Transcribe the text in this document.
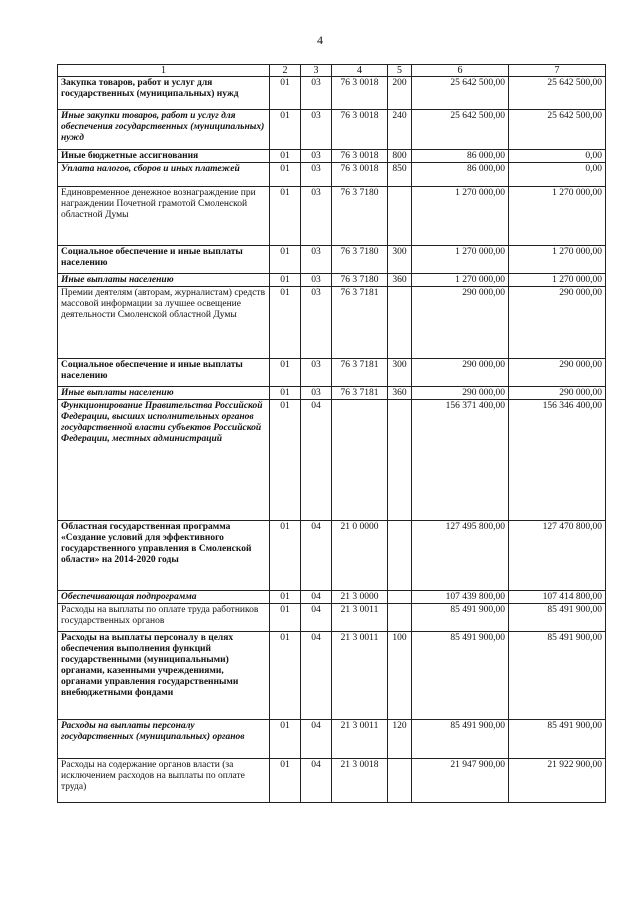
4
1	2	3	4	5	6	7
Закупка товаров, работ и услуг для государственных (муниципальных) нужд	01	03	76 3 0018	200	25 642 500,00	25 642 500,00
Иные закупки товаров, работ и услуг для обеспечения государственных (муниципальных) нужд	01	03	76 3 0018	240	25 642 500,00	25 642 500,00
Иные бюджетные ассигнования	01	03	76 3 0018	800	86 000,00	0,00
Уплата налогов, сборов и иных платежей	01	03	76 3 0018	850	86 000,00	0,00
Единовременное денежное вознаграждение при награждении Почетной грамотой Смоленской областной Думы	01	03	76 3 7180		1 270 000,00	1 270 000,00
Социальное обеспечение и иные выплаты населению	01	03	76 3 7180	300	1 270 000,00	1 270 000,00
Иные выплаты населению	01	03	76 3 7180	360	1 270 000,00	1 270 000,00
Премии деятелям (авторам, журналистам) средств массовой информации за лучшее освещение деятельности Смоленской областной Думы	01	03	76 3 7181		290 000,00	290 000,00
Социальное обеспечение и иные выплаты населению	01	03	76 3 7181	300	290 000,00	290 000,00
Иные выплаты населению	01	03	76 3 7181	360	290 000,00	290 000,00
Функционирование Правительства Российской Федерации, высших исполнительных органов государственной власти субъектов Российской Федерации, местных администраций	01	04			156 371 400,00	156 346 400,00
Областная государственная программа «Создание условий для эффективного государственного управления в Смоленской области» на 2014-2020 годы	01	04	21 0 0000		127 495 800,00	127 470 800,00
Обеспечивающая подпрограмма	01	04	21 3 0000		107 439 800,00	107 414 800,00
Расходы на выплаты по оплате труда работников государственных органов	01	04	21 3 0011		85 491 900,00	85 491 900,00
Расходы на выплаты персоналу в целях обеспечения выполнения функций государственными (муниципальными) органами, казенными учреждениями, органами управления государственными внебюджетными фондами	01	04	21 3 0011	100	85 491 900,00	85 491 900,00
Расходы на выплаты персоналу государственных (муниципальных) органов	01	04	21 3 0011	120	85 491 900,00	85 491 900,00
Расходы на содержание органов власти (за исключением расходов на выплаты по оплате труда)	01	04	21 3 0018		21 947 900,00	21 922 900,00
